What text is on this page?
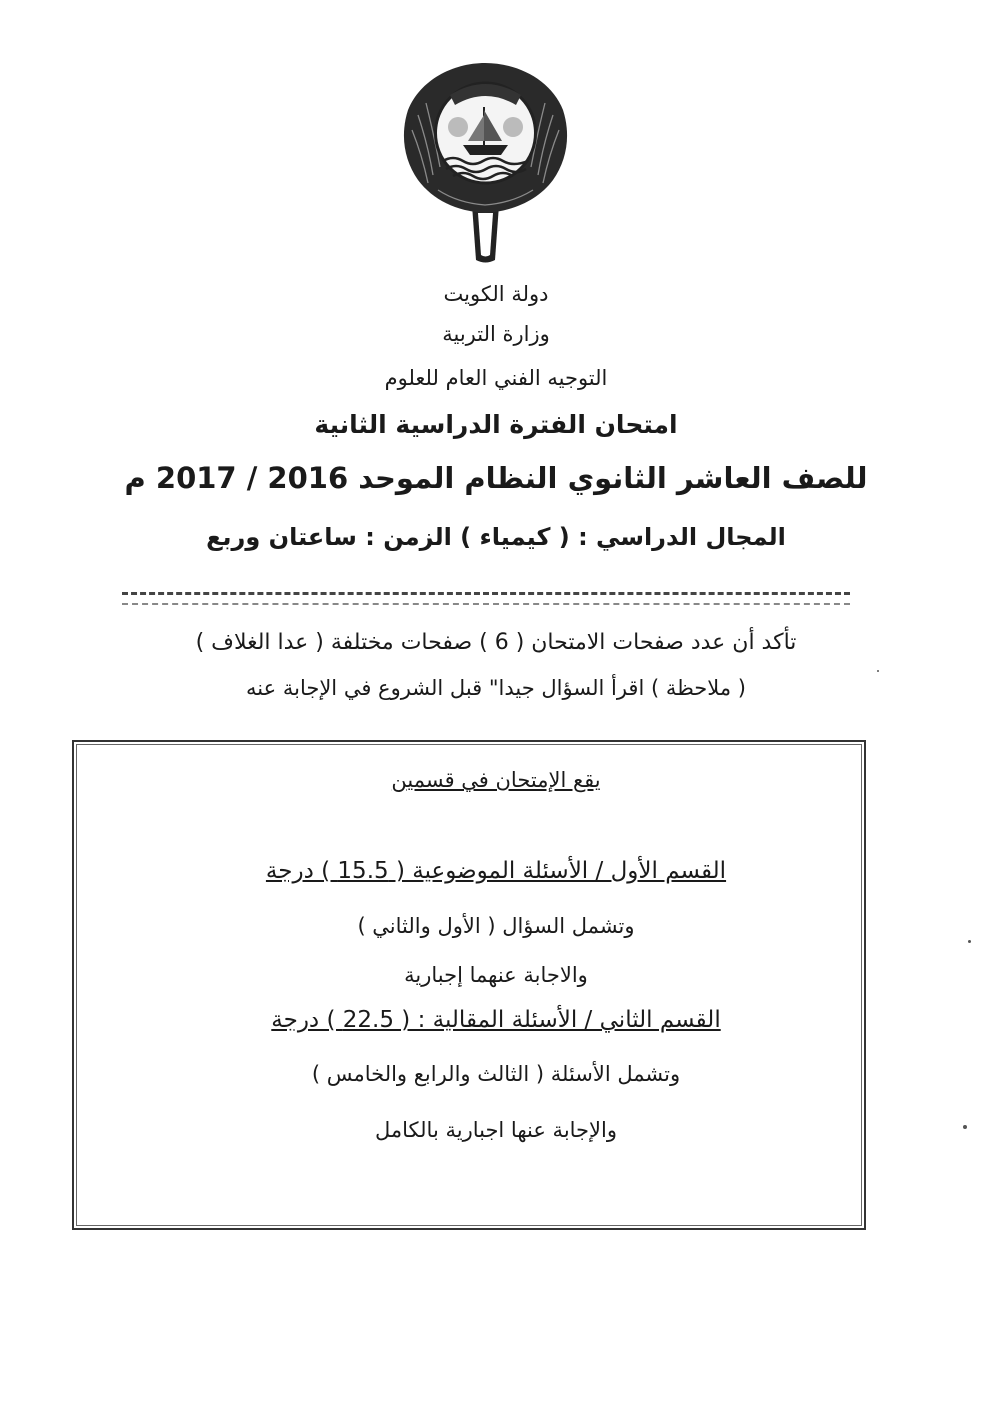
دولة الكويت
وزارة التربية
التوجيه الفني العام للعلوم
امتحان الفترة الدراسية الثانية
للصف العاشر الثانوي النظام الموحد 2016 / 2017 م
المجال الدراسي : ( كيمياء ) الزمن : ساعتان وربع
تأكد أن عدد صفحات الامتحان ( 6 ) صفحات مختلفة ( عدا الغلاف )
( ملاحظة ) اقرأ السؤال جيدا" قبل الشروع في الإجابة عنه
يقع الإمتحان في قسمين
القسم الأول / الأسئلة الموضوعية ( 15.5 ) درجة
وتشمل السؤال ( الأول والثاني )
والاجابة عنهما إجبارية
القسم الثاني / الأسئلة المقالية : ( 22.5 ) درجة
وتشمل الأسئلة ( الثالث والرابع والخامس )
والإجابة عنها اجبارية بالكامل
